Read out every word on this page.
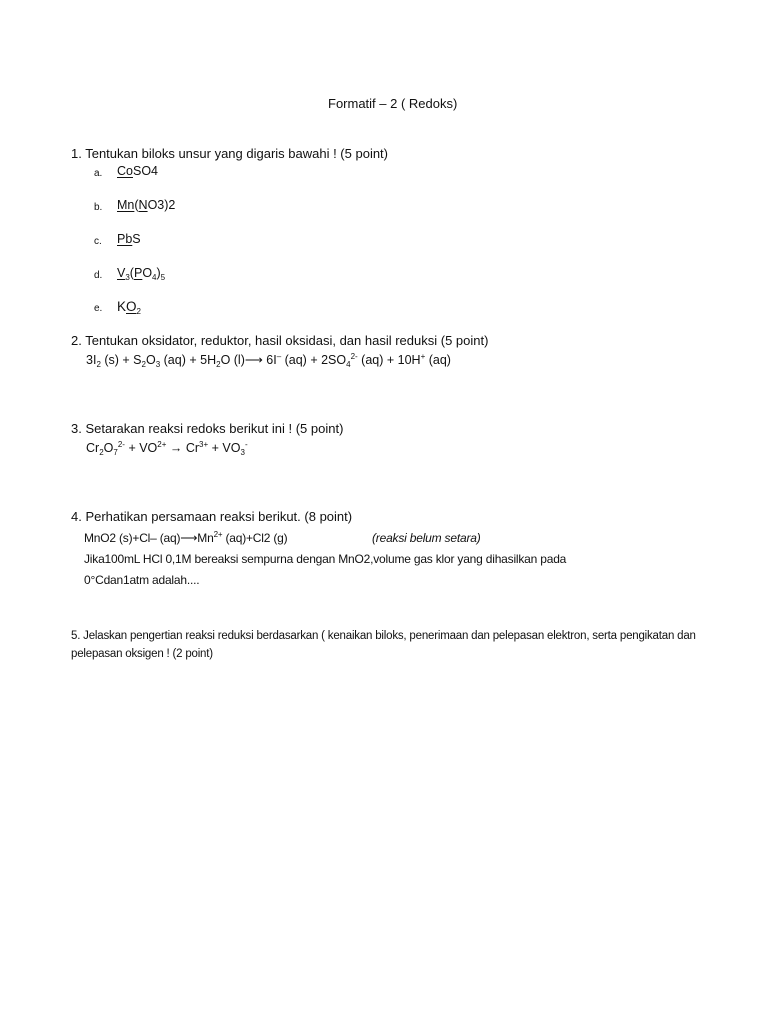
Formatif – 2 ( Redoks)
1. Tentukan biloks unsur yang digaris bawahi ! (5 point)
a. CoSO4
b. Mn(NO3)2
c. PbS
d. $V_3(PO_4)_5$
e. $KO_2$
2. Tentukan oksidator, reduktor, hasil oksidasi, dan hasil reduksi (5 point)
$3I_2$ $(s) + S_2O_3$ $(aq) + 5H_2O$ (l)⟶ 6I– $(aq) + 2SO_4^{2-}$ (aq) + 10H+ (aq)
3. Setarakan reaksi redoks berikut ini ! (5 point)
$Cr_2O_7^{2-} + VO^{2+} \to Cr^{3+} + VO_3^-$
4. Perhatikan persamaan reaksi berikut. (8 point)
MnO2 (s)+Cl– $(aq)⟶Mn^{2+}$ (aq)+Cl2 (g)	(reaksi belum setara)
Jika100mL HCl 0,1M bereaksi sempurna dengan MnO2,volume gas klor yang dihasilkan pada
0°Cdan1atm adalah....
5. Jelaskan pengertian reaksi reduksi berdasarkan ( kenaikan biloks, penerimaan dan pelepasan elektron, serta pengikatan dan
pelepasan oksigen ! (2 point)
